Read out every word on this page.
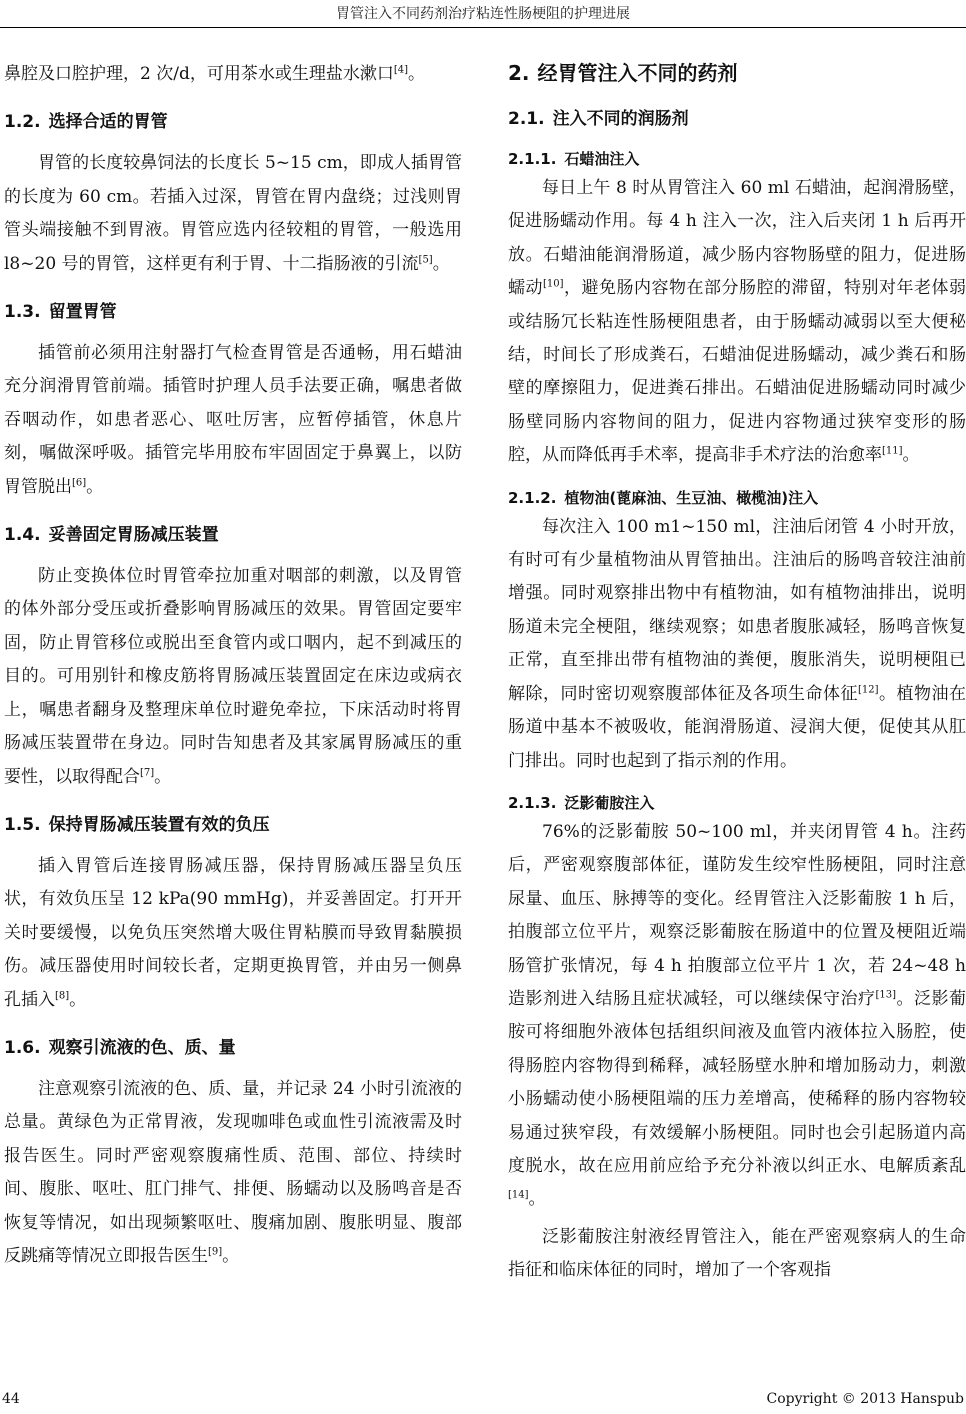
胃管注入不同药剂治疗粘连性肠梗阻的护理进展

鼻腔及口腔护理，2 次/d，可用茶水或生理盐水漱口[4]。

1.2. 选择合适的胃管

胃管的长度较鼻饲法的长度长 5~15 cm，即成人插胃管的长度为 60 cm。若插入过深，胃管在胃内盘绕；过浅则胃管头端接触不到胃液。胃管应选内径较粗的胃管，一般选用 l8~20 号的胃管，这样更有利于胃、十二指肠液的引流[5]。

1.3. 留置胃管

插管前必须用注射器打气检查胃管是否通畅，用石蜡油充分润滑胃管前端。插管时护理人员手法要正确，嘱患者做吞咽动作，如患者恶心、呕吐厉害，应暂停插管，休息片刻，嘱做深呼吸。插管完毕用胶布牢固固定于鼻翼上，以防胃管脱出[6]。

1.4. 妥善固定胃肠减压装置

防止变换体位时胃管牵拉加重对咽部的刺激，以及胃管的体外部分受压或折叠影响胃肠减压的效果。胃管固定要牢固，防止胃管移位或脱出至食管内或口咽内，起不到减压的目的。可用别针和橡皮筋将胃肠减压装置固定在床边或病衣上，嘱患者翻身及整理床单位时避免牵拉，下床活动时将胃肠减压装置带在身边。同时告知患者及其家属胃肠减压的重要性，以取得配合[7]。

1.5. 保持胃肠减压装置有效的负压

插入胃管后连接胃肠减压器，保持胃肠减压器呈负压状，有效负压呈 12 kPa(90 mmHg)，并妥善固定。打开开关时要缓慢，以免负压突然增大吸住胃粘膜而导致胃黏膜损伤。减压器使用时间较长者，定期更换胃管，并由另一侧鼻孔插入[8]。

1.6. 观察引流液的色、质、量

注意观察引流液的色、质、量，并记录 24 小时引流液的总量。黄绿色为正常胃液，发现咖啡色或血性引流液需及时报告医生。同时严密观察腹痛性质、范围、部位、持续时间、腹胀、呕吐、肛门排气、排便、肠蠕动以及肠鸣音是否恢复等情况，如出现频繁呕吐、腹痛加剧、腹胀明显、腹部反跳痛等情况立即报告医生[9]。

2. 经胃管注入不同的药剂
2.1. 注入不同的润肠剂
2.1.1. 石蜡油注入

每日上午 8 时从胃管注入 60 ml 石蜡油，起润滑肠壁，促进肠蠕动作用。每 4 h 注入一次，注入后夹闭 1 h 后再开放。石蜡油能润滑肠道，减少肠内容物肠壁的阻力，促进肠蠕动[10]，避免肠内容物在部分肠腔的滞留，特别对年老体弱或结肠冗长粘连性肠梗阻患者，由于肠蠕动减弱以至大便秘结，时间长了形成粪石，石蜡油促进肠蠕动，减少粪石和肠壁的摩擦阻力，促进粪石排出。石蜡油促进肠蠕动同时减少肠壁同肠内容物间的阻力，促进内容物通过狭窄变形的肠腔，从而降低再手术率，提高非手术疗法的治愈率[11]。

2.1.2. 植物油(蓖麻油、生豆油、橄榄油)注入

每次注入 100 m1~150 ml，注油后闭管 4 小时开放，有时可有少量植物油从胃管抽出。注油后的肠鸣音较注油前增强。同时观察排出物中有植物油，如有植物油排出，说明肠道未完全梗阻，继续观察；如患者腹胀减轻，肠鸣音恢复正常，直至排出带有植物油的粪便，腹胀消失，说明梗阻已解除，同时密切观察腹部体征及各项生命体征[12]。植物油在肠道中基本不被吸收，能润滑肠道、浸润大便，促使其从肛门排出。同时也起到了指示剂的作用。

2.1.3. 泛影葡胺注入

76%的泛影葡胺 50~100 ml，并夹闭胃管 4 h。注药后，严密观察腹部体征，谨防发生绞窄性肠梗阻，同时注意尿量、血压、脉搏等的变化。经胃管注入泛影葡胺 1 h 后，拍腹部立位平片，观察泛影葡胺在肠道中的位置及梗阻近端肠管扩张情况，每 4 h 拍腹部立位平片 1 次，若 24~48 h 造影剂进入结肠且症状减轻，可以继续保守治疗[13]。泛影葡胺可将细胞外液体包括组织间液及血管内液体拉入肠腔，使得肠腔内容物得到稀释，减轻肠壁水肿和增加肠动力，刺激小肠蠕动使小肠梗阻端的压力差增高，使稀释的肠内容物较易通过狭窄段，有效缓解小肠梗阻。同时也会引起肠道内高度脱水，故在应用前应给予充分补液以纠正水、电解质紊乱[14]。

泛影葡胺注射液经胃管注入，能在严密观察病人的生命指征和临床体征的同时，增加了一个客观指

44	Copyright © 2013 Hanspub
